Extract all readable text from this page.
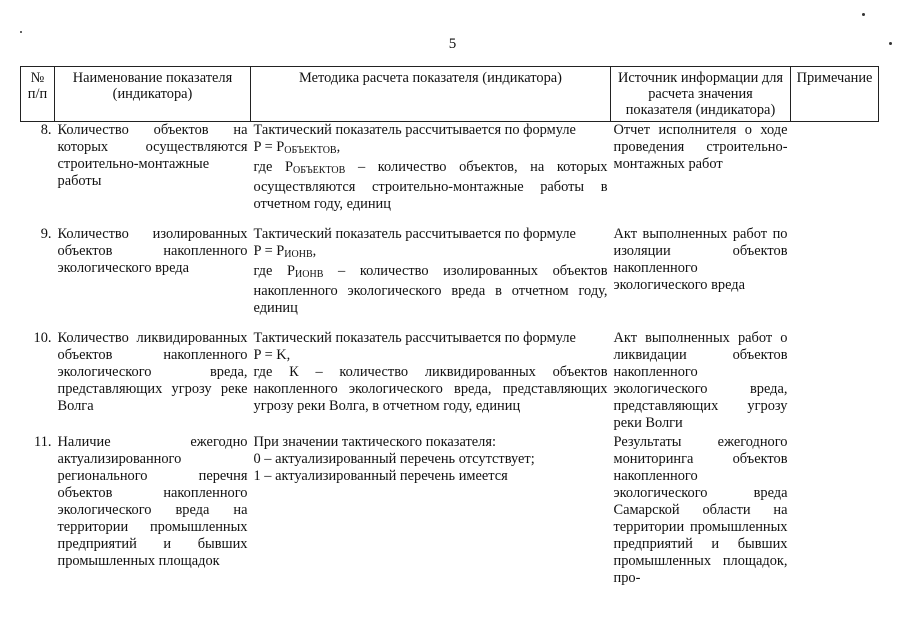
5
№ п/п	Наименование показателя (индикатора)	Методика расчета показателя (индикатора)	Источник информации для расчета значения показателя (индикатора)	Примечание
8.	Количество объектов на которых осуществляются строительно-монтажные работы	Тактический показатель рассчитывается по формуле
$P = P_{ОБЪЕКТОВ}$,
где $P_{ОБЪЕКТОВ}$ – количество объектов, на которых осуществляются строительно-монтажные работы в отчетном году, единиц	Отчет исполнителя о ходе проведения строительно-монтажных работ	
9.	Количество изолированных объектов накопленного экологического вреда	Тактический показатель рассчитывается по формуле
$P = P_{ИОНВ}$,
где $P_{ИОНВ}$ – количество изолированных объектов накопленного экологического вреда в отчетном году, единиц	Акт выполненных работ по изоляции объектов накопленного экологического вреда	
10.	Количество ликвидированных объектов накопленного экологического вреда, представляющих угрозу реке Волга	Тактический показатель рассчитывается по формуле
P = K,
где К – количество ликвидированных объектов накопленного экологического вреда, представляющих угрозу реки Волга, в отчетном году, единиц	Акт выполненных работ о ликвидации объектов накопленного экологического вреда, представляющих угрозу реки Волги	
11.	Наличие ежегодно актуализированного регионального перечня объектов накопленного экологического вреда на территории промышленных предприятий и бывших промышленных площадок	При значении тактического показателя:
0 – актуализированный перечень отсутствует;
1 – актуализированный перечень имеется	Результаты ежегодного мониторинга объектов накопленного экологического вреда Самарской области на территории промышленных предприятий и бывших промышленных площадок, про-	
